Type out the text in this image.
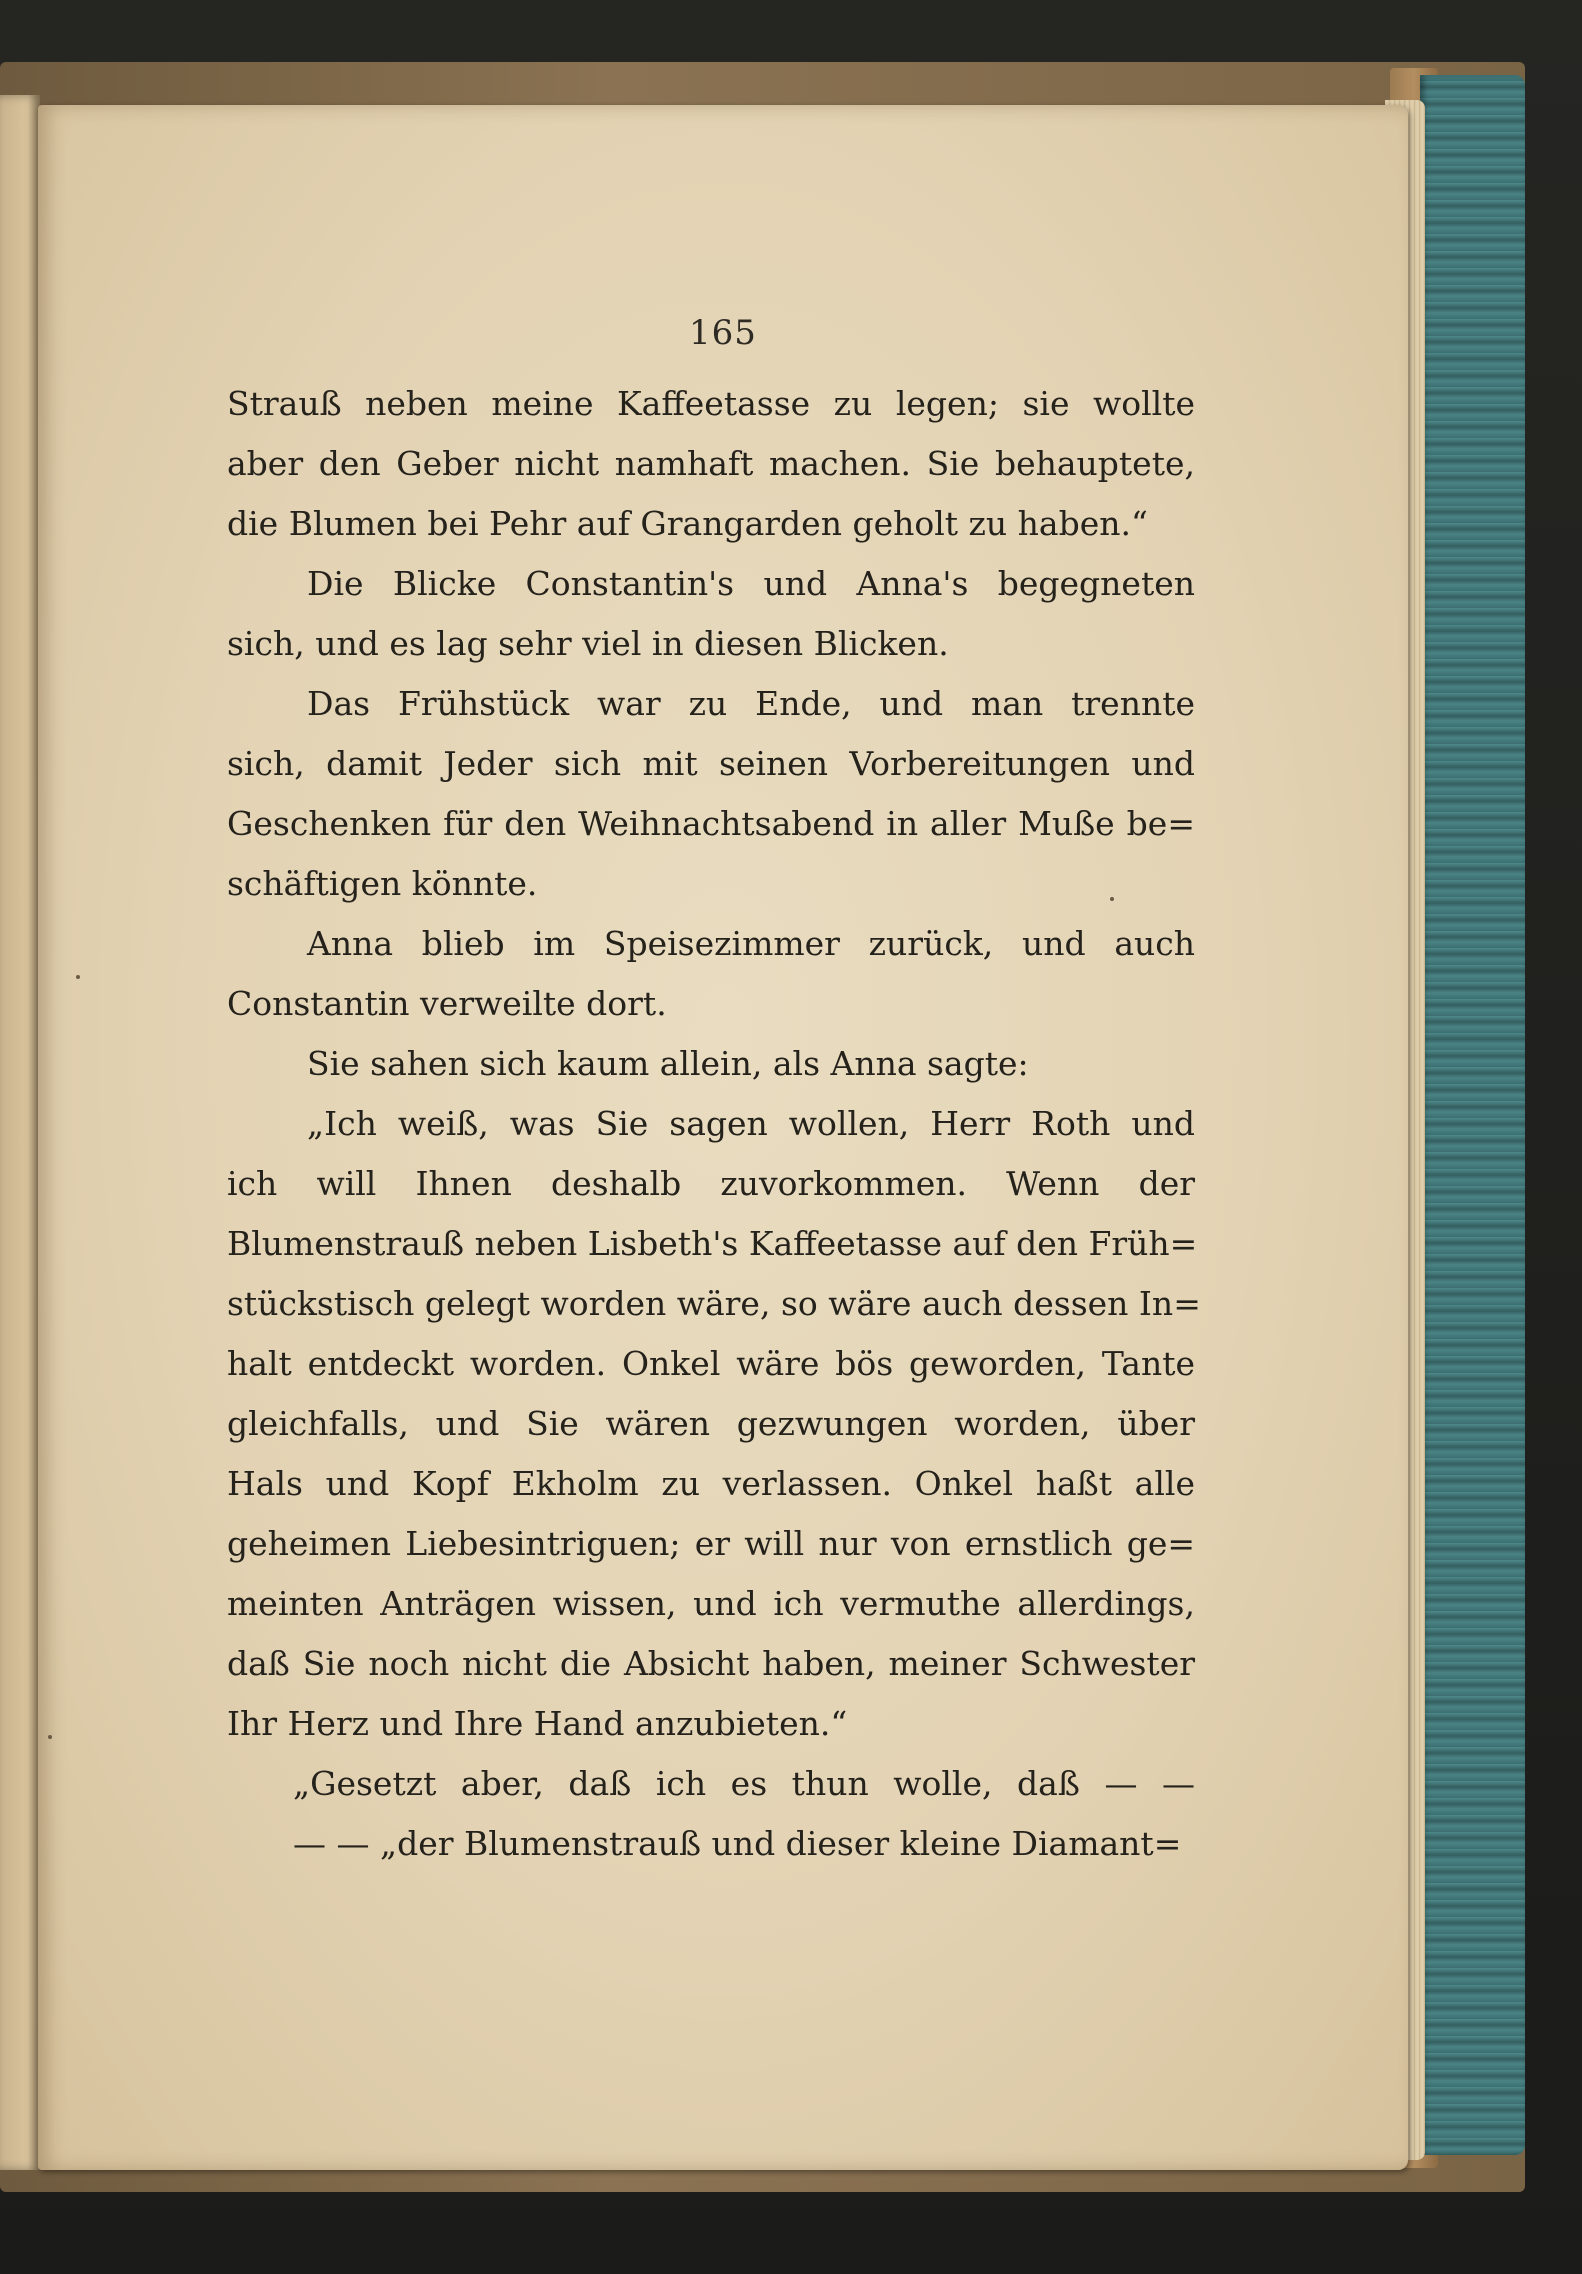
165
Strauß neben meine Kaffeetasse zu legen; sie wollte
aber den Geber nicht namhaft machen. Sie behauptete,
die Blumen bei Pehr auf Grangarden geholt zu haben.“
Die Blicke Constantin's und Anna's begegneten
sich, und es lag sehr viel in diesen Blicken.
Das Frühstück war zu Ende, und man trennte
sich, damit Jeder sich mit seinen Vorbereitungen und
Geschenken für den Weihnachtsabend in aller Muße be=
schäftigen könnte.
Anna blieb im Speisezimmer zurück, und auch
Constantin verweilte dort.
Sie sahen sich kaum allein, als Anna sagte:
„Ich weiß, was Sie sagen wollen, Herr Roth und
ich will Ihnen deshalb zuvorkommen. Wenn der
Blumenstrauß neben Lisbeth's Kaffeetasse auf den Früh=
stückstisch gelegt worden wäre, so wäre auch dessen In=
halt entdeckt worden. Onkel wäre bös geworden, Tante
gleichfalls, und Sie wären gezwungen worden, über
Hals und Kopf Ekholm zu verlassen. Onkel haßt alle
geheimen Liebesintriguen; er will nur von ernstlich ge=
meinten Anträgen wissen, und ich vermuthe allerdings,
daß Sie noch nicht die Absicht haben, meiner Schwester
Ihr Herz und Ihre Hand anzubieten.“
„Gesetzt aber, daß ich es thun wolle, daß — —
— — „der Blumenstrauß und dieser kleine Diamant=
